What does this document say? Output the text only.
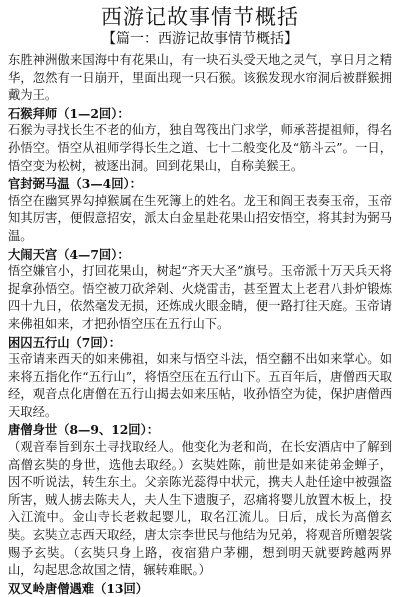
西游记故事情节概括
【篇一：西游记故事情节概括】

东胜神洲傲来国海中有花果山，有一块石头受天地之灵气，享日月之精华，忽然有一日崩开，里面出现一只石猴。该猴发现水帘洞后被群猴拥戴为王。

石猴拜师（1—2回）：

石猴为寻找长生不老的仙方，独自驾筏出门求学，师承菩提祖师，得名孙悟空。悟空从祖师学得长生之道、七十二般变化及“筋斗云”。一日，悟空变为松树，被逐出洞。回到花果山，自称美猴王。

官封弼马温（3—4回）：

悟空在幽冥界勾掉猴属在生死簿上的姓名。龙王和阎王表奏玉帝，玉帝知其厉害，便假意招安，派太白金星赴花果山招安悟空，将其封为弼马温。

大闹天宫（4—7回）：

悟空嫌官小，打回花果山，树起“齐天大圣”旗号。玉帝派十万天兵天将捉拿孙悟空。悟空被刀砍斧剁、火烧雷击，甚至置太上老君八卦炉锻炼四十九日，依然毫发无损，还炼成火眼金睛，便一路打往天庭。玉帝请来佛祖如来，才把孙悟空压在五行山下。

困囚五行山（7回）：

玉帝请来西天的如来佛祖，如来与悟空斗法，悟空翻不出如来掌心。如来将五指化作“五行山”，将悟空压在五行山下。五百年后，唐僧西天取经，观音点化唐僧在五行山揭去如来压帖，收孙悟空为徒，保护唐僧西天取经。

唐僧身世（8—9、12回）：

（观音奉旨到东土寻找取经人。他变化为老和尚，在长安酒店中了解到高僧玄奘的身世，选他去取经。）玄奘姓陈，前世是如来徒弟金蝉子，因不听说法，转生东土。父亲陈光蕊得中状元，携夫人赴任途中被强盗所害，贼人掳去陈夫人，夫人生下遗腹子，忍痛将婴儿放置木板上，投入江流中。金山寺长老救起婴儿，取名江流儿。日后，成长为高僧玄奘。玄奘立志西天取经，唐太宗李世民与他结为兄弟，将观音所赠袈裟赐予玄奘。（玄奘只身上路，夜宿猎户茅棚，想到明天就要跨越两界山，勾起思念故国之情，辗转难眠。）

双叉岭唐僧遇难（13回）
